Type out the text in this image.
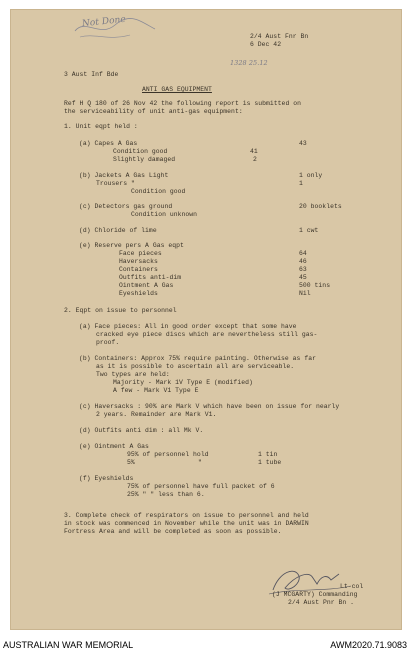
Not Done
2/4 Aust Fnr Bn
6 Dec 42
1328 25.12
3 Aust Inf Bde
ANTI GAS EQUIPMENT
Ref H Q 180 of 26 Nov 42 the following report is submitted on
the serviceability of unit anti-gas equipment:
1. Unit eqpt held :
(a) Capes A Gas	43
Condition good	41
Slightly damaged	2
(b) Jackets A Gas Light	1 only
Trousers "	1
Condition good
(c) Detectors gas ground	20 booklets
Condition unknown
(d) Chloride of lime	1 cwt
(e) Reserve pers A Gas eqpt
Face pieces	64
Haversacks	46
Containers	63
Outfits anti-dim	45
Ointment A Gas	500 tins
Eyeshields	Nil
2. Eqpt on issue to personnel
(a) Face pieces: All in good order except that some have
cracked eye piece discs which are nevertheless still gas-
proof.
(b) Containers: Approx 75% require painting. Otherwise as far
as it is possible to ascertain all are serviceable.
Two types are held:
Majority - Mark 1V Type E (modified)
A few - Mark V1 Type E
(c) Haversacks : 90% are Mark V which have been on issue for nearly
2 years. Remainder are Mark V1.
(d) Outfits anti dim : all Mk V.
(e) Ointment A Gas
95% of personnel hold	1 tin
5%	"	1 tube
(f) Eyeshields
75% of personnel have full packet of 6
25% " " less than 6.
3. Complete check of respirators on issue to personnel and held
in stock was commenced in November while the unit was in DARWIN
Fortress Area and will be completed as soon as possible.
Lt-col
(J MCGARTY) Commanding
2/4 Aust Pnr Bn .
AUSTRALIAN WAR MEMORIAL	AWM2020.71.9083
